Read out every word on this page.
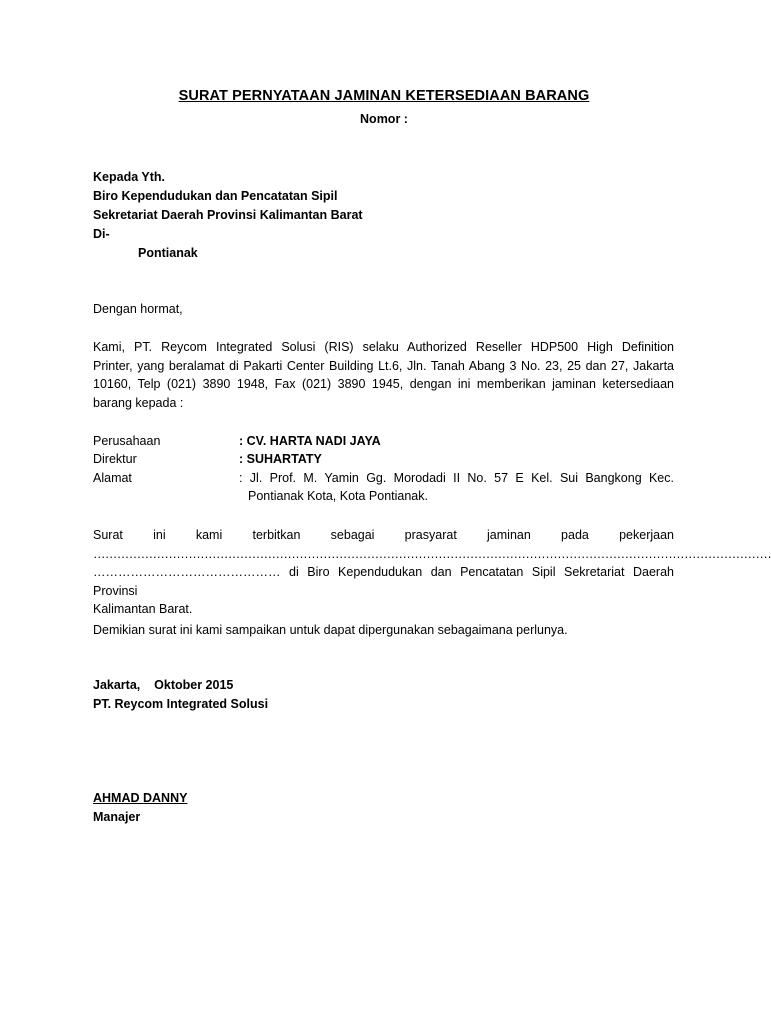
SURAT PERNYATAAN JAMINAN KETERSEDIAAN BARANG
Nomor :
Kepada Yth.
Biro Kependudukan dan Pencatatan Sipil
Sekretariat Daerah Provinsi Kalimantan Barat
Di-
Pontianak
Dengan hormat,
Kami, PT. Reycom Integrated Solusi (RIS) selaku Authorized Reseller HDP500 High Definition
Printer, yang beralamat di Pakarti Center Building Lt.6, Jln. Tanah Abang 3 No. 23, 25 dan 27, Jakarta
10160, Telp (021) 3890 1948, Fax (021) 3890 1945, dengan ini memberikan jaminan ketersediaan
barang kepada :
Perusahaan	: CV. HARTA NADI JAYA
Direktur	: SUHARTATY
Alamat	: Jl. Prof. M. Yamin Gg. Morodadi II No. 57 E Kel. Sui Bangkong Kec.
Pontianak Kota, Kota Pontianak.
Surat ini kami terbitkan sebagai prasyarat jaminan pada pekerjaan
………………………………………………………………………………………………………………………………………………………
……………………………………… di Biro Kependudukan dan Pencatatan Sipil Sekretariat Daerah Provinsi
Kalimantan Barat.
Demikian surat ini kami sampaikan untuk dapat dipergunakan sebagaimana perlunya.
Jakarta,    Oktober 2015
PT. Reycom Integrated Solusi
AHMAD DANNY
Manajer
